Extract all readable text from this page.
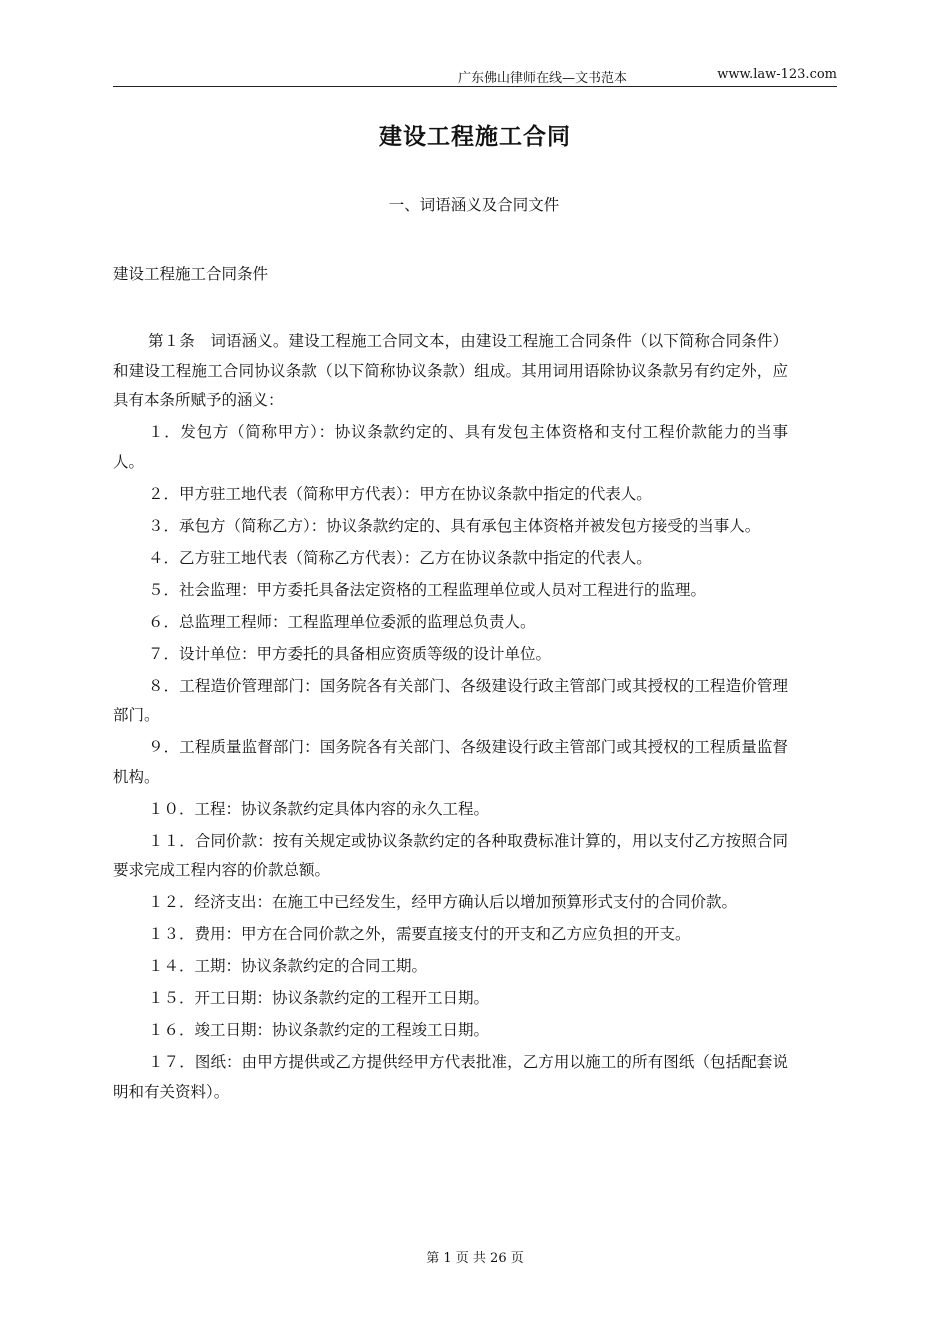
广东佛山律师在线—文书范本	www.law-123.com
建设工程施工合同
一、词语涵义及合同文件
建设工程施工合同条件

第１条　词语涵义。建设工程施工合同文本，由建设工程施工合同条件（以下简称合同条件）和建设工程施工合同协议条款（以下简称协议条款）组成。其用词用语除协议条款另有约定外，应具有本条所赋予的涵义：

１．发包方（简称甲方）：协议条款约定的、具有发包主体资格和支付工程价款能力的当事人。

２．甲方驻工地代表（简称甲方代表）：甲方在协议条款中指定的代表人。

３．承包方（简称乙方）：协议条款约定的、具有承包主体资格并被发包方接受的当事人。

４．乙方驻工地代表（简称乙方代表）：乙方在协议条款中指定的代表人。

５．社会监理：甲方委托具备法定资格的工程监理单位或人员对工程进行的监理。

６．总监理工程师：工程监理单位委派的监理总负责人。

７．设计单位：甲方委托的具备相应资质等级的设计单位。

８．工程造价管理部门：国务院各有关部门、各级建设行政主管部门或其授权的工程造价管理部门。

９．工程质量监督部门：国务院各有关部门、各级建设行政主管部门或其授权的工程质量监督机构。

１０．工程：协议条款约定具体内容的永久工程。

１１．合同价款：按有关规定或协议条款约定的各种取费标准计算的，用以支付乙方按照合同要求完成工程内容的价款总额。

１２．经济支出：在施工中已经发生，经甲方确认后以增加预算形式支付的合同价款。

１３．费用：甲方在合同价款之外，需要直接支付的开支和乙方应负担的开支。

１４．工期：协议条款约定的合同工期。

１５．开工日期：协议条款约定的工程开工日期。

１６．竣工日期：协议条款约定的工程竣工日期。

１７．图纸：由甲方提供或乙方提供经甲方代表批准，乙方用以施工的所有图纸（包括配套说明和有关资料）。

第 1 页 共 26 页
